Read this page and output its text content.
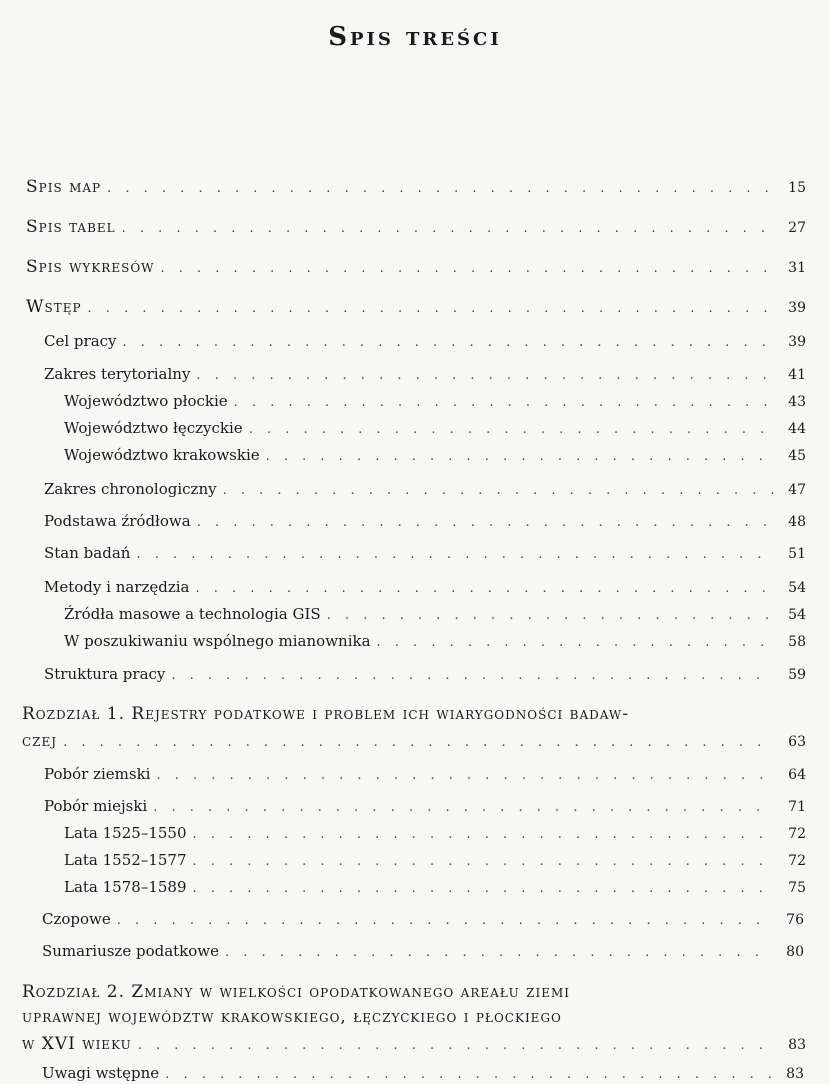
Spis treści
Spis map . . .	15
Spis tabel . . .	27
Spis wykresów . . .	31
Wstęp . . .	39
Cel pracy . . .	39
Zakres terytorialny . . .	41
Województwo płockie . . .	43
Województwo łęczyckie . . .	44
Województwo krakowskie . . .	45
Zakres chronologiczny . . .	47
Podstawa źródłowa . . .	48
Stan badań . . .	51
Metody i narzędzia . . .	54
Źródła masowe a technologia GIS . . .	54
W poszukiwaniu wspólnego mianownika . . .	58
Struktura pracy . . .	59
Rozdział 1. Rejestry podatkowe i problem ich wiarygodności badaw-
czej . . .	63
Pobór ziemski . . .	64
Pobór miejski . . .	71
Lata 1525–1550 . . .	72
Lata 1552–1577 . . .	72
Lata 1578–1589 . . .	75
Czopowe . . .	76
Sumariusze podatkowe . . .	80
Rozdział 2. Zmiany w wielkości opodatkowanego areału ziemi
uprawnej województw krakowskiego, łęczyckiego i płockiego
w XVI wieku . . .	83
Uwagi wstępne . . .	83
